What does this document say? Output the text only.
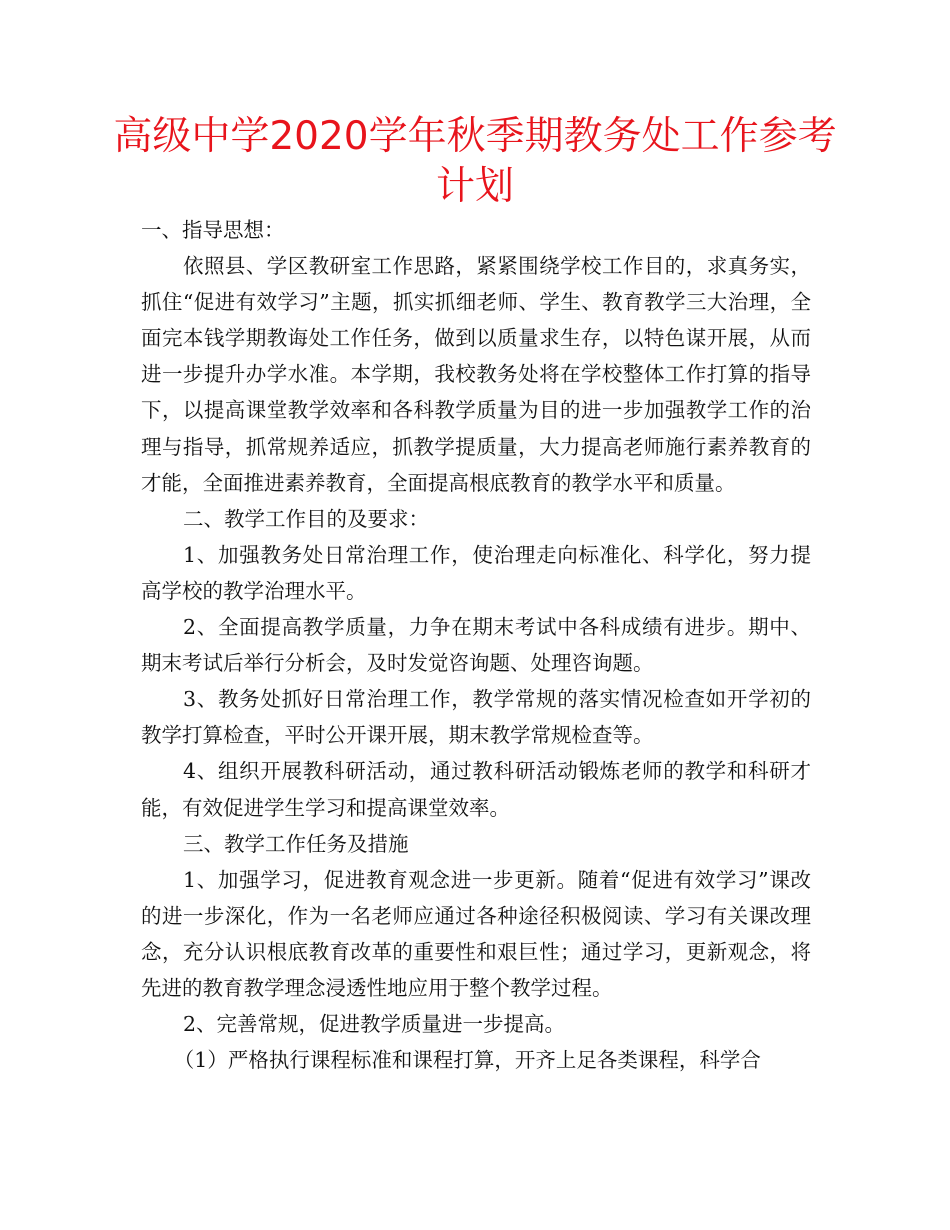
高级中学2020学年秋季期教务处工作参考计划

一、指导思想：

依照县、学区教研室工作思路，紧紧围绕学校工作目的，求真务实，抓住“促进有效学习”主题，抓实抓细老师、学生、教育教学三大治理，全面完本钱学期教诲处工作任务，做到以质量求生存，以特色谋开展，从而进一步提升办学水准。本学期，我校教务处将在学校整体工作打算的指导下，以提高课堂教学效率和各科教学质量为目的进一步加强教学工作的治理与指导，抓常规养适应，抓教学提质量，大力提高老师施行素养教育的才能，全面推进素养教育，全面提高根底教育的教学水平和质量。

二、教学工作目的及要求：

1、加强教务处日常治理工作，使治理走向标准化、科学化，努力提高学校的教学治理水平。

2、全面提高教学质量，力争在期末考试中各科成绩有进步。期中、期末考试后举行分析会，及时发觉咨询题、处理咨询题。

3、教务处抓好日常治理工作，教学常规的落实情况检查如开学初的教学打算检查，平时公开课开展，期末教学常规检查等。

4、组织开展教科研活动，通过教科研活动锻炼老师的教学和科研才能，有效促进学生学习和提高课堂效率。

三、教学工作任务及措施

1、加强学习，促进教育观念进一步更新。随着“促进有效学习”课改的进一步深化，作为一名老师应通过各种途径积极阅读、学习有关课改理念，充分认识根底教育改革的重要性和艰巨性；通过学习，更新观念，将先进的教育教学理念浸透性地应用于整个教学过程。

2、完善常规，促进教学质量进一步提高。

（1）严格执行课程标准和课程打算，开齐上足各类课程，科学合
